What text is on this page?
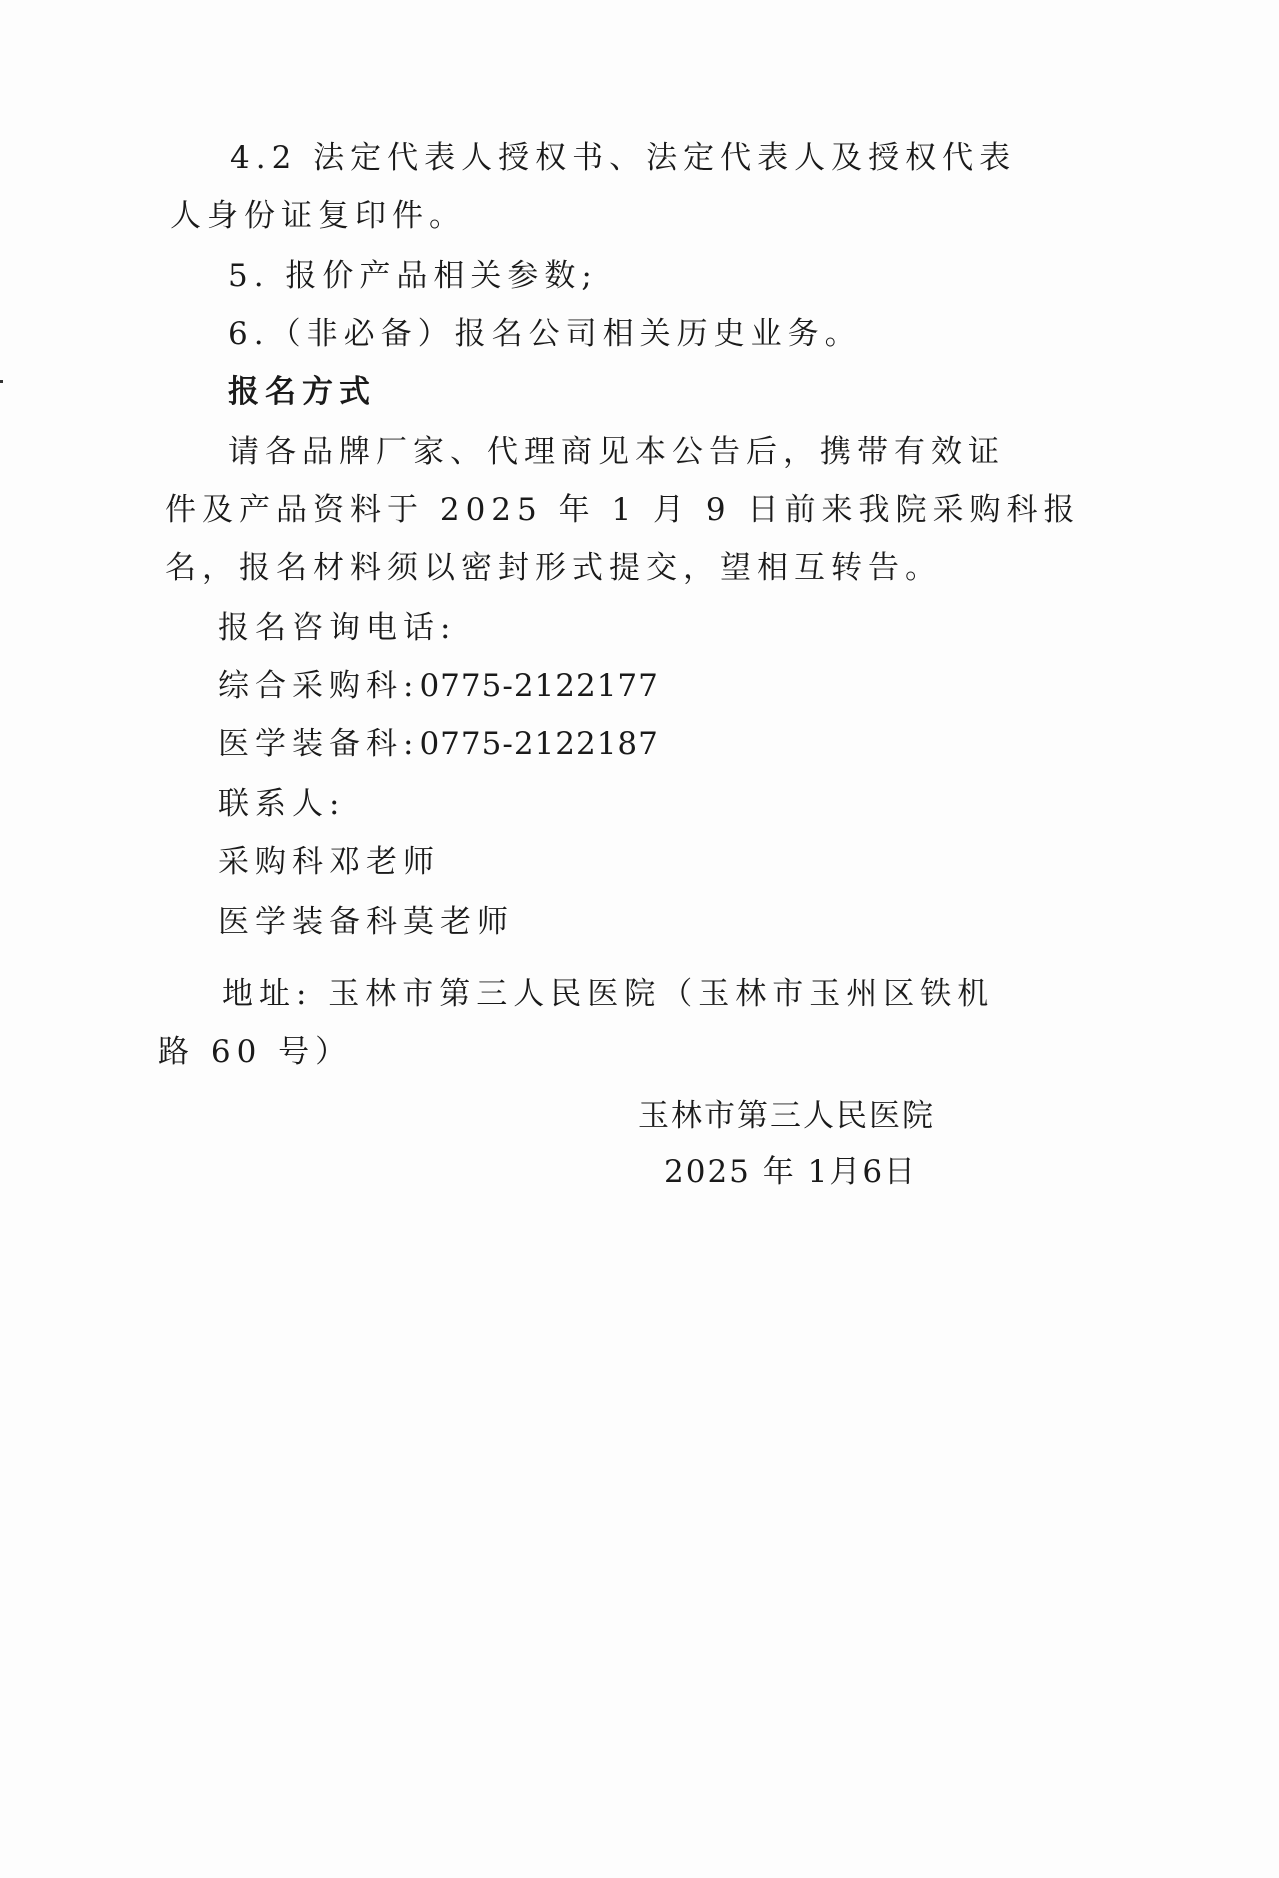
4.2 法定代表人授权书、法定代表人及授权代表
人身份证复印件。
5. 报价产品相关参数;
6.（非必备）报名公司相关历史业务。
报名方式
请各品牌厂家、代理商见本公告后，携带有效证
件及产品资料于 2025 年 1 月 9 日前来我院采购科报
名，报名材料须以密封形式提交，望相互转告。
报名咨询电话:
综合采购科:0775-2122177
医学装备科:0775-2122187
联系人:
采购科邓老师
医学装备科莫老师
地址: 玉林市第三人民医院（玉林市玉州区铁机
路 60 号）
玉林市第三人民医院
2025 年 1月6日
